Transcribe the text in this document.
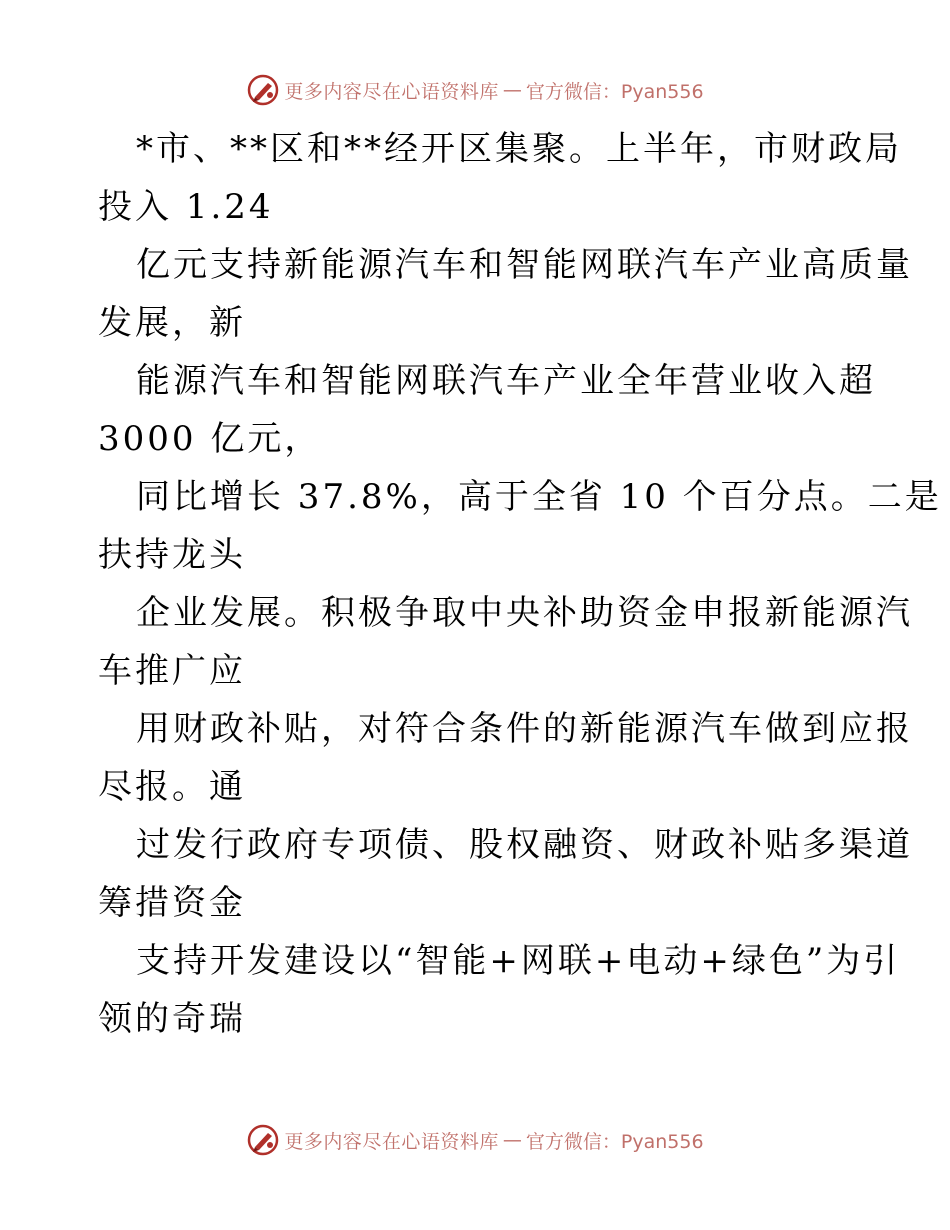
更多内容尽在心语资料库 — 官方微信：Pyan556
*市、**区和**经开区集聚。上半年，市财政局
投入 1.24
亿元支持新能源汽车和智能网联汽车产业高质量
发展，新
能源汽车和智能网联汽车产业全年营业收入超
3000 亿元，
同比增长 37.8%，高于全省 10 个百分点。二是
扶持龙头
企业发展。积极争取中央补助资金申报新能源汽
车推广应
用财政补贴，对符合条件的新能源汽车做到应报
尽报。通
过发行政府专项债、股权融资、财政补贴多渠道
筹措资金
支持开发建设以“智能+网联+电动+绿色”为引
领的奇瑞
更多内容尽在心语资料库 — 官方微信：Pyan556
